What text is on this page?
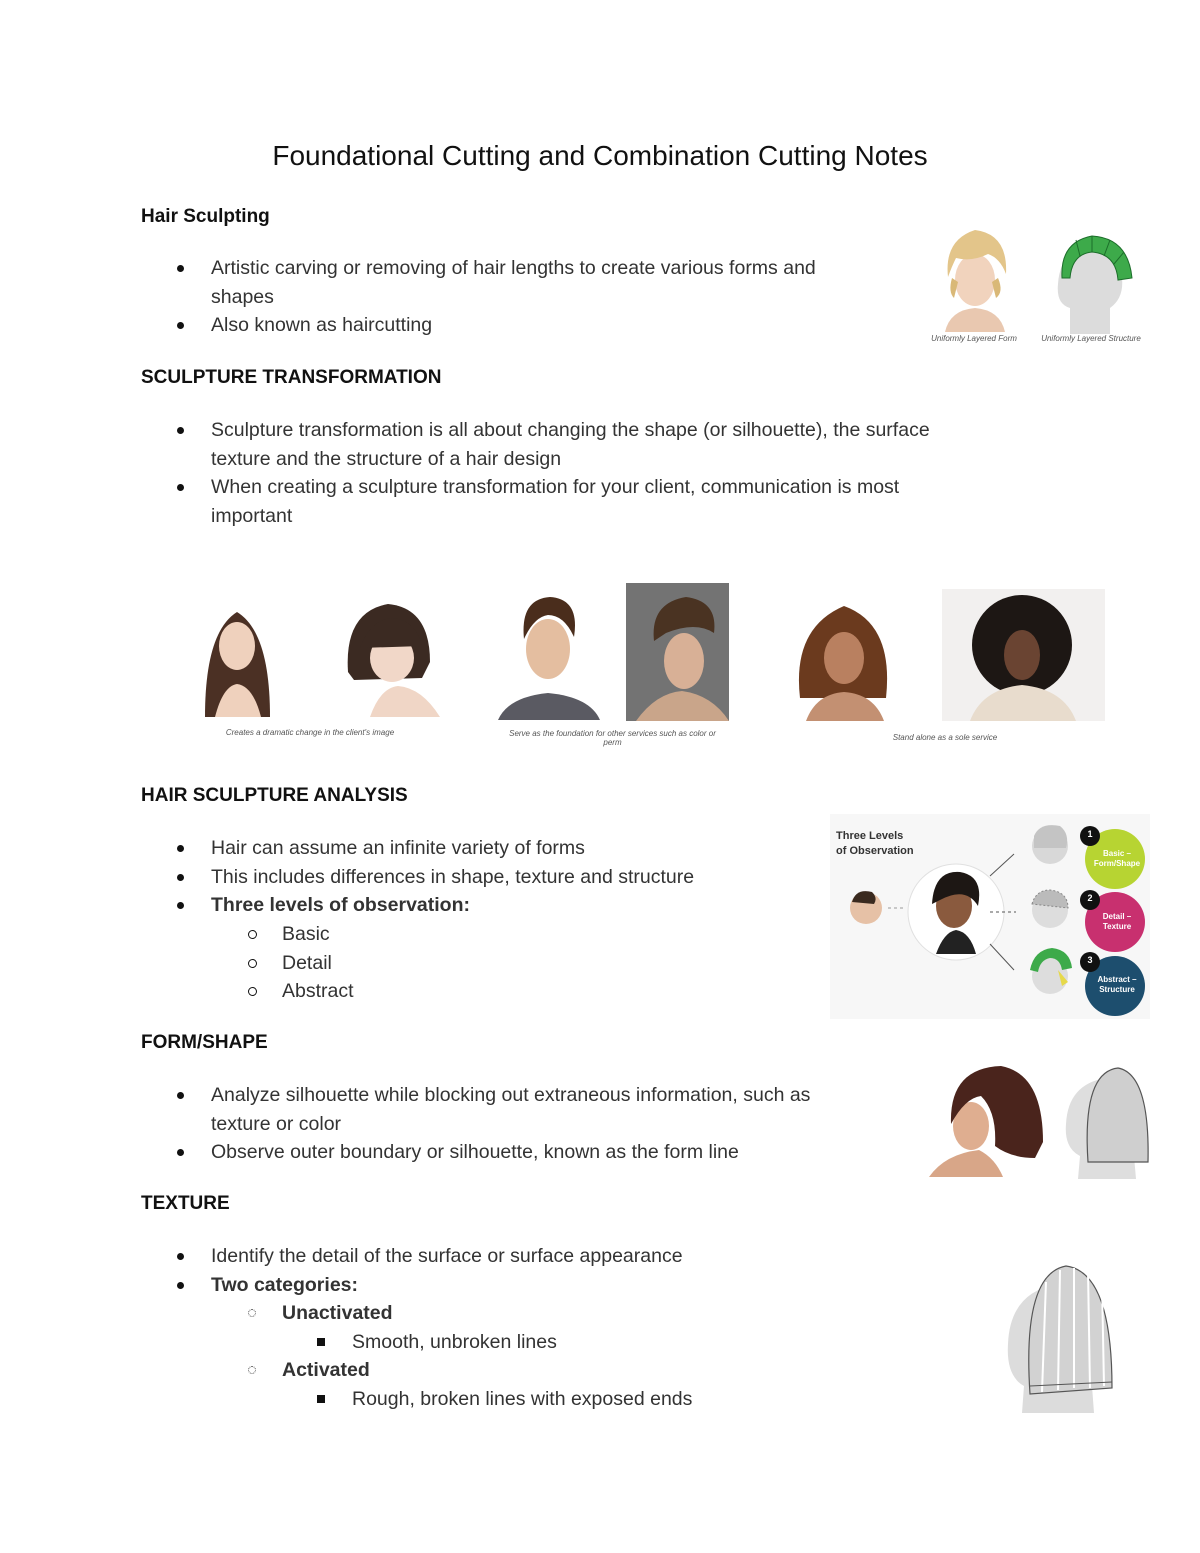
Foundational Cutting and Combination Cutting Notes
Hair Sculpting
Artistic carving or removing of hair lengths to create various forms and
shapes
Also known as haircutting
Uniformly Layered Form	Uniformly Layered Structure
SCULPTURE TRANSFORMATION
Sculpture transformation is all about changing the shape (or silhouette), the surface
texture and the structure of a hair design
When creating a sculpture transformation for your client, communication is most
important
Creates a dramatic change in the client's image	Serve as the foundation for other services such as color or perm
Stand alone as a sole service
HAIR SCULPTURE ANALYSIS
Hair can assume an infinite variety of forms
This includes differences in shape, texture and structure
Three levels of observation:
Basic
Detail
Abstract
Three Levels
of Observation
1
2
3
Basic –
Form/Shape
Detail –
Texture
Abstract –
Structure
FORM/SHAPE
Analyze silhouette while blocking out extraneous information, such as
texture or color
Observe outer boundary or silhouette, known as the form line
TEXTURE
Identify the detail of the surface or surface appearance
Two categories:
Unactivated
Smooth, unbroken lines
Activated
Rough, broken lines with exposed ends
